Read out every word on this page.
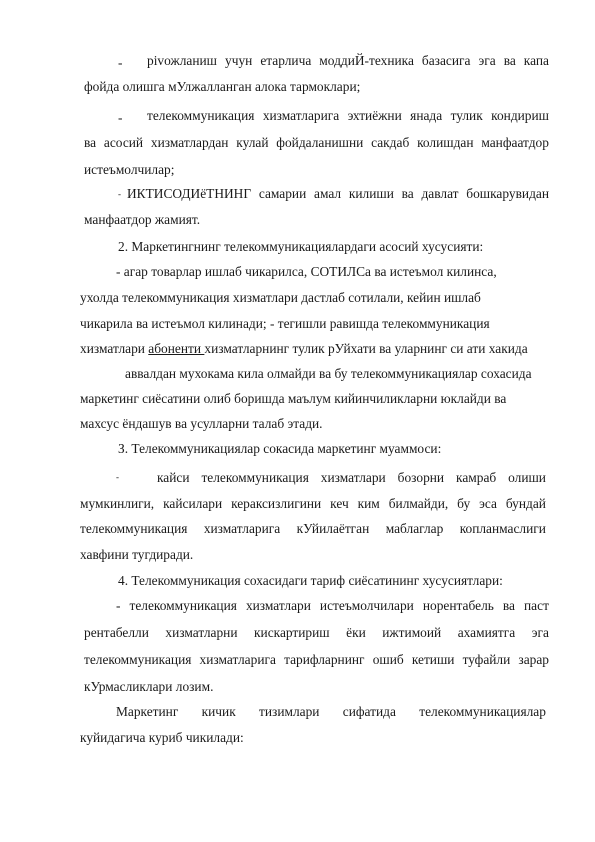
- рivожланиш учун етарлича моддиЙ-техника базасига эга ва капа
фойда олишга мУлжалланган алока тармоклари;
- телекоммуникация хизматларига эхтиёжни янада тулик кондириш
ва асосий хизматлардан кулай фойдаланишни сакдаб колишдан манфаатдор
истеъмолчилар;
- ИКТИСОДИёТНИНГ самарии амал килиши ва давлат бошкарувидан
манфаатдор жамият.
2. Маркетингнинг телекоммуникациялардаги асосий хусусияти:
- агар товарлар ишлаб чикарилса, СОТИЛСа ва истеъмол килинса,
ухолда телекоммуникация хизматлари дастлаб сотилали, кейин ишлаб
чикарила ва истеъмол килинади; - тегишли равишда телекоммуникация
хизматлари абоненти хизматларнинг тулик рУйхати ва уларнинг си ати хакида
аввалдан мухокама кила олмайди ва бу телекоммуникациялар сохасида
маркетинг сиёсатини олиб боришда маълум кийинчиликларни юклайди ва
махсус ёндашув ва усулларни талаб этади.
З. Телекоммуникациялар сокасида маркетинг муаммоси:
-	кайси телекоммуникация хизматлари бозорни камраб олиши
мумкинлиги, кайсилари кераксизлигини кеч ким билмайди, бу эса бундай
телекоммуникация хизматларига кУйилаётган маблаглар копланмаслиги
хавфини тугдиради.
4. Телекоммуникация сохасидаги тариф сиёсатининг хусусиятлари:
- телекоммуникация хизматлари истеъмолчилари норентабель ва паст
рентабелли хизматларни кискартириш ёки ижтимоий ахамиятга эга
телекоммуникация хизматларига тарифларнинг ошиб кетиши туфайли зарар
кУрмасликлари лозим.
Маркетинг кичик тизимлари сифатида телекоммуникациялар
куйидагича куриб чикилади:
